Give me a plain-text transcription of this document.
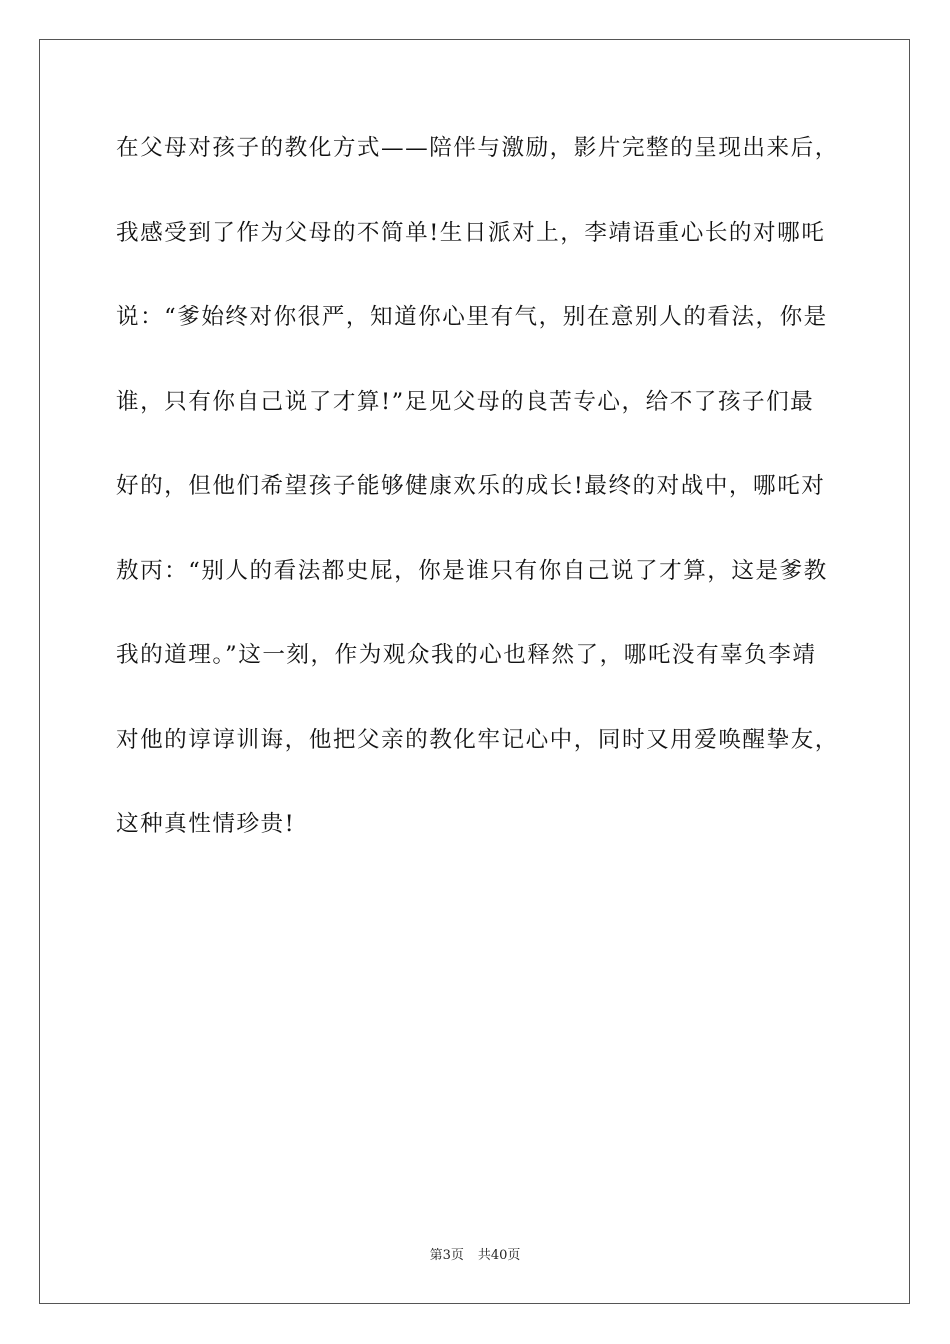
在父母对孩子的教化方式——陪伴与激励，影片完整的呈现出来后，
我感受到了作为父母的不简单!生日派对上，李靖语重心长的对哪吒
说：“爹始终对你很严，知道你心里有气，别在意别人的看法，你是
谁，只有你自己说了才算!”足见父母的良苦专心，给不了孩子们最
好的，但他们希望孩子能够健康欢乐的成长!最终的对战中，哪吒对
敖丙：“别人的看法都史屁，你是谁只有你自己说了才算，这是爹教
我的道理。”这一刻，作为观众我的心也释然了，哪吒没有辜负李靖
对他的谆谆训诲，他把父亲的教化牢记心中，同时又用爱唤醒挚友，
这种真性情珍贵!
第3页 共40页
